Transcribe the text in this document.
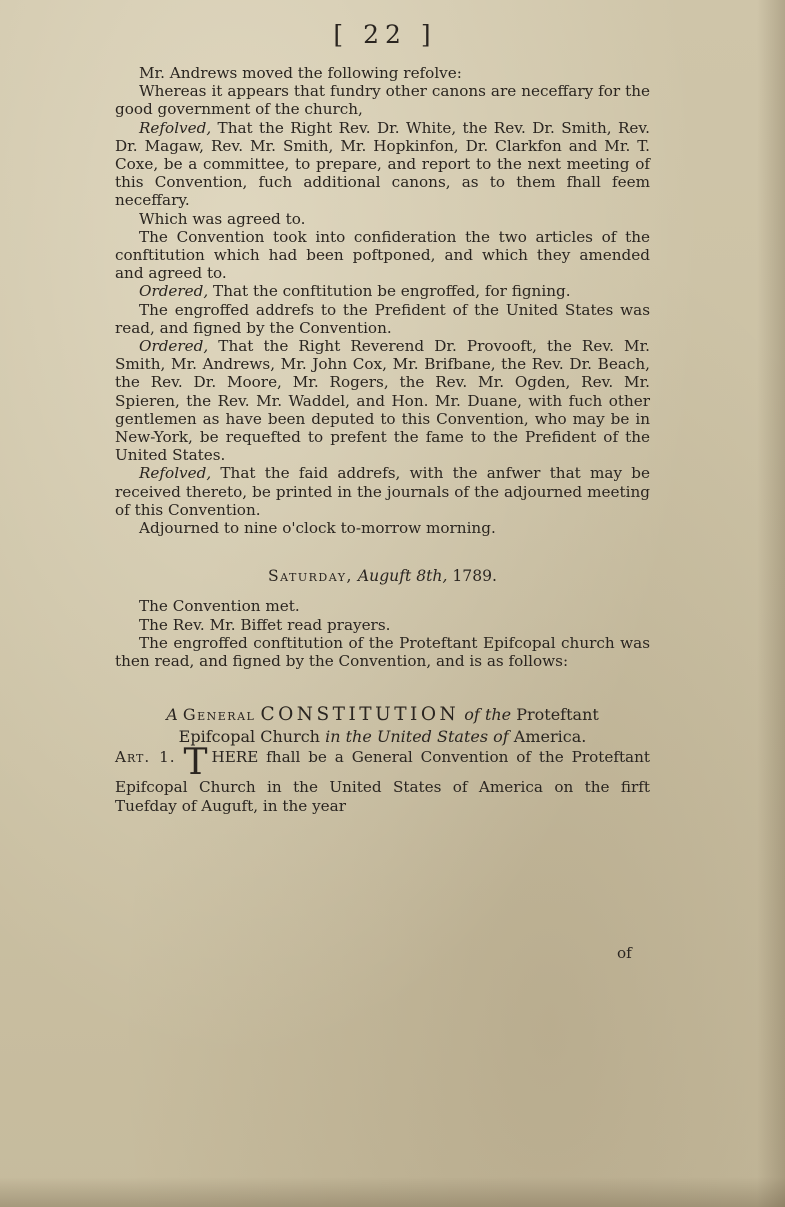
[ 22 ]

Mr. Andrews moved the following refolve:

Whereas it appears that fundry other canons are neceffary for the good government of the church,

Refolved, That the Right Rev. Dr. White, the Rev. Dr. Smith, Rev. Dr. Magaw, Rev. Mr. Smith, Mr. Hopkinfon, Dr. Clarkfon and Mr. T. Coxe, be a committee, to prepare, and report to the next meeting of this Convention, fuch additional canons, as to them fhall feem neceffary.

Which was agreed to.

The Convention took into confideration the two articles of the conftitution which had been poftponed, and which they amended and agreed to.

Ordered, That the conftitution be engroffed, for figning.

The engroffed addrefs to the Prefident of the United States was read, and figned by the Convention.

Ordered, That the Right Reverend Dr. Provooft, the Rev. Mr. Smith, Mr. Andrews, Mr. John Cox, Mr. Brifbane, the Rev. Dr. Beach, the Rev. Dr. Moore, Mr. Rogers, the Rev. Mr. Ogden, Rev. Mr. Spieren, the Rev. Mr. Waddel, and Hon. Mr. Duane, with fuch other gentlemen as have been deputed to this Convention, who may be in New-York, be requefted to prefent the fame to the Prefident of the United States.

Refolved, That the faid addrefs, with the anfwer that may be received thereto, be printed in the journals of the adjourned meeting of this Convention.

Adjourned to nine o'clock to-morrow morning.

Saturday, Auguft 8th, 1789.

The Convention met.

The Rev. Mr. Biffet read prayers.

The engroffed conftitution of the Proteftant Epifcopal church was then read, and figned by the Convention, and is as follows:

A General CONSTITUTION of the Proteftant
Epifcopal Church in the United States of America.

Art. 1. T HERE fhall be a General Convention of the Proteftant Epifcopal Church in the United States of America on the firft Tuefday of Auguft, in the year

of
